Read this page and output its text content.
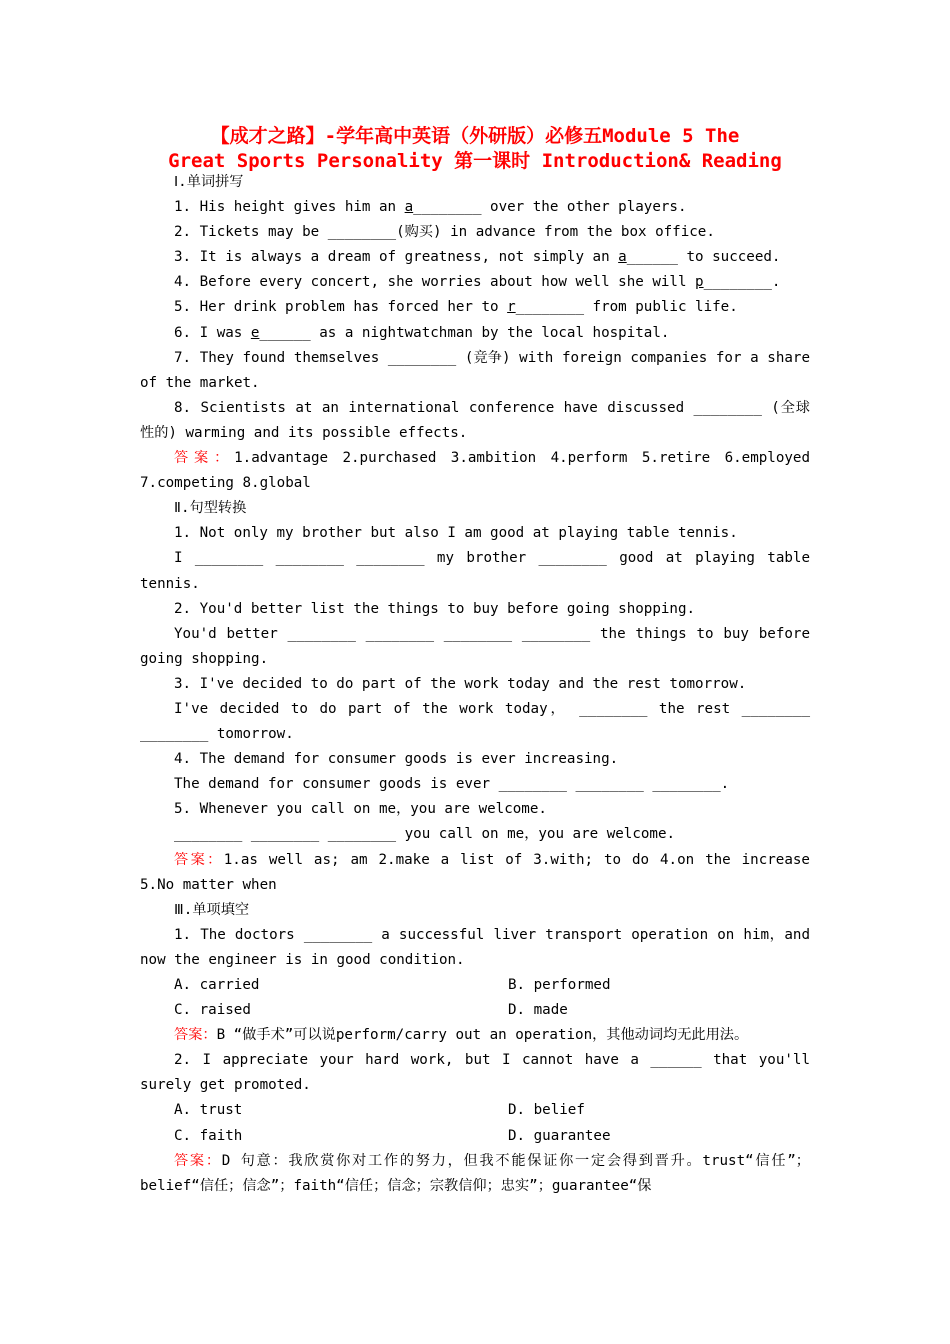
【成才之路】-学年高中英语（外研版）必修五Module 5 The
Great Sports Personality 第一课时 Introduction& Reading

Ⅰ.单词拼写

1. His height gives him an a________ over the other players.

2. Tickets may be ________(购买) in advance from the box office.

3. It is always a dream of greatness, not simply an a______ to succeed.

4. Before every concert, she worries about how well she will p________.

5. Her drink problem has forced her to r________ from public life.

6. I was e______ as a nightwatchman by the local hospital.

7. They found themselves ________ (竞争) with foreign companies for a share of the market.

8. Scientists at an international conference have discussed ________ (全球性的) warming and its possible effects.

答案：1.advantage 2.purchased 3.ambition 4.perform 5.retire 6.employed 7.competing 8.global

Ⅱ.句型转换

1. Not only my brother but also I am good at playing table tennis.

I ________ ________ ________ my brother ________ good at playing table tennis.

2. You'd better list the things to buy before going shopping.

You'd better ________ ________ ________ ________ the things to buy before going shopping.

3. I've decided to do part of the work today and the rest tomorrow.

I've decided to do part of the work today， ________ the rest ________ ________ tomorrow.

4. The demand for consumer goods is ever increasing.

The demand for consumer goods is ever ________ ________ ________.

5. Whenever you call on me，you are welcome.

________ ________ ________ you call on me，you are welcome.

答案：1.as well as; am 2.make a list of 3.with; to do 4.on the increase 5.No matter when

Ⅲ.单项填空

1. The doctors ________ a successful liver transport operation on him，and now the engineer is in good condition.

A. carried	B. performed
C. raised	D. made

答案：B “做手术”可以说perform/carry out an operation，其他动词均无此用法。

2. I appreciate your hard work, but I cannot have a ______ that you'll surely get promoted.

A. trust	D. belief
C. faith	D. guarantee

答案：D 句意：我欣赏你对工作的努力，但我不能保证你一定会得到晋升。trust“信任”；belief“信任；信念”；faith“信任；信念；宗教信仰；忠实”；guarantee“保
